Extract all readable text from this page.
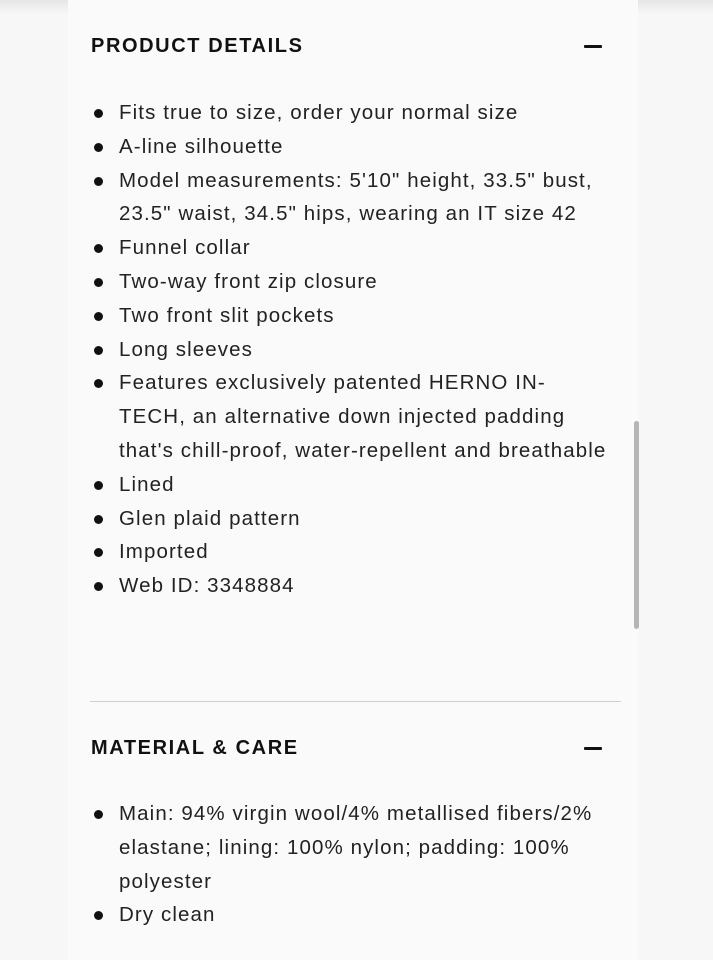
PRODUCT DETAILS
Fits true to size, order your normal size
A-line silhouette
Model measurements: 5'10" height, 33.5" bust, 23.5" waist, 34.5" hips, wearing an IT size 42
Funnel collar
Two-way front zip closure
Two front slit pockets
Long sleeves
Features exclusively patented HERNO IN-TECH, an alternative down injected padding that's chill-proof, water-repellent and breathable
Lined
Glen plaid pattern
Imported
Web ID: 3348884
MATERIAL & CARE
Main: 94% virgin wool/4% metallised fibers/2% elastane; lining: 100% nylon; padding: 100% polyester
Dry clean
